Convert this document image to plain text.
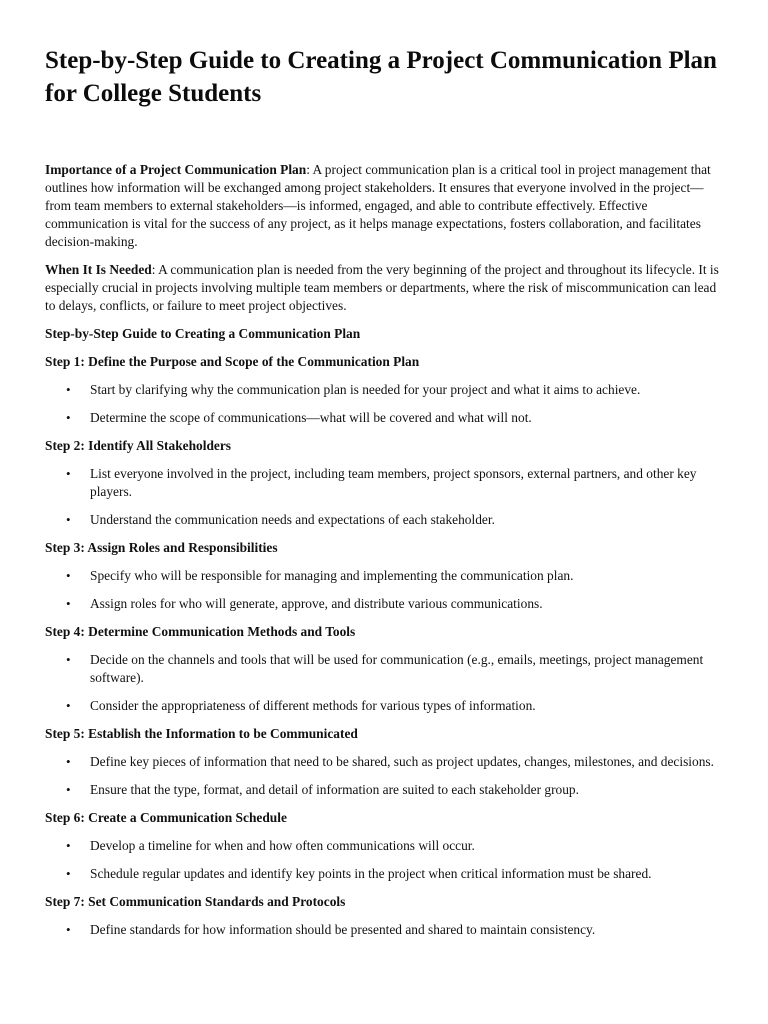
Step-by-Step Guide to Creating a Project Communication Plan for College Students

Importance of a Project Communication Plan: A project communication plan is a critical tool in project management that outlines how information will be exchanged among project stakeholders. It ensures that everyone involved in the project—from team members to external stakeholders—is informed, engaged, and able to contribute effectively. Effective communication is vital for the success of any project, as it helps manage expectations, fosters collaboration, and facilitates decision-making.

When It Is Needed: A communication plan is needed from the very beginning of the project and throughout its lifecycle. It is especially crucial in projects involving multiple team members or departments, where the risk of miscommunication can lead to delays, conflicts, or failure to meet project objectives.

Step-by-Step Guide to Creating a Communication Plan
Step 1: Define the Purpose and Scope of the Communication Plan
• Start by clarifying why the communication plan is needed for your project and what it aims to achieve.
• Determine the scope of communications—what will be covered and what will not.
Step 2: Identify All Stakeholders
• List everyone involved in the project, including team members, project sponsors, external partners, and other key players.
• Understand the communication needs and expectations of each stakeholder.
Step 3: Assign Roles and Responsibilities
• Specify who will be responsible for managing and implementing the communication plan.
• Assign roles for who will generate, approve, and distribute various communications.
Step 4: Determine Communication Methods and Tools
• Decide on the channels and tools that will be used for communication (e.g., emails, meetings, project management software).
• Consider the appropriateness of different methods for various types of information.
Step 5: Establish the Information to be Communicated
• Define key pieces of information that need to be shared, such as project updates, changes, milestones, and decisions.
• Ensure that the type, format, and detail of information are suited to each stakeholder group.
Step 6: Create a Communication Schedule
• Develop a timeline for when and how often communications will occur.
• Schedule regular updates and identify key points in the project when critical information must be shared.
Step 7: Set Communication Standards and Protocols
• Define standards for how information should be presented and shared to maintain consistency.
